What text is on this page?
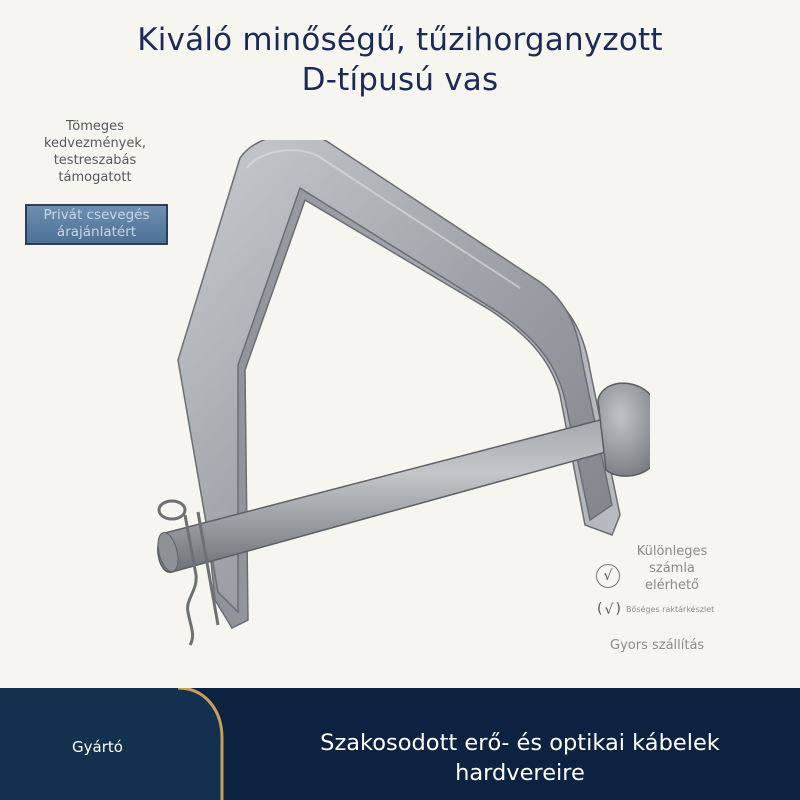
Kiváló minőségű, tűzihorganyzott
D-típusú vas
Tömeges
kedvezmények,
testreszabás
támogatott
Privát csevegés
árajánlatért
√
Különleges
számla
elérhető
( √ )	Bőséges raktárkészlet
Gyors szállítás
Gyártó	Szakosodott erő- és optikai kábelek
hardvereire
